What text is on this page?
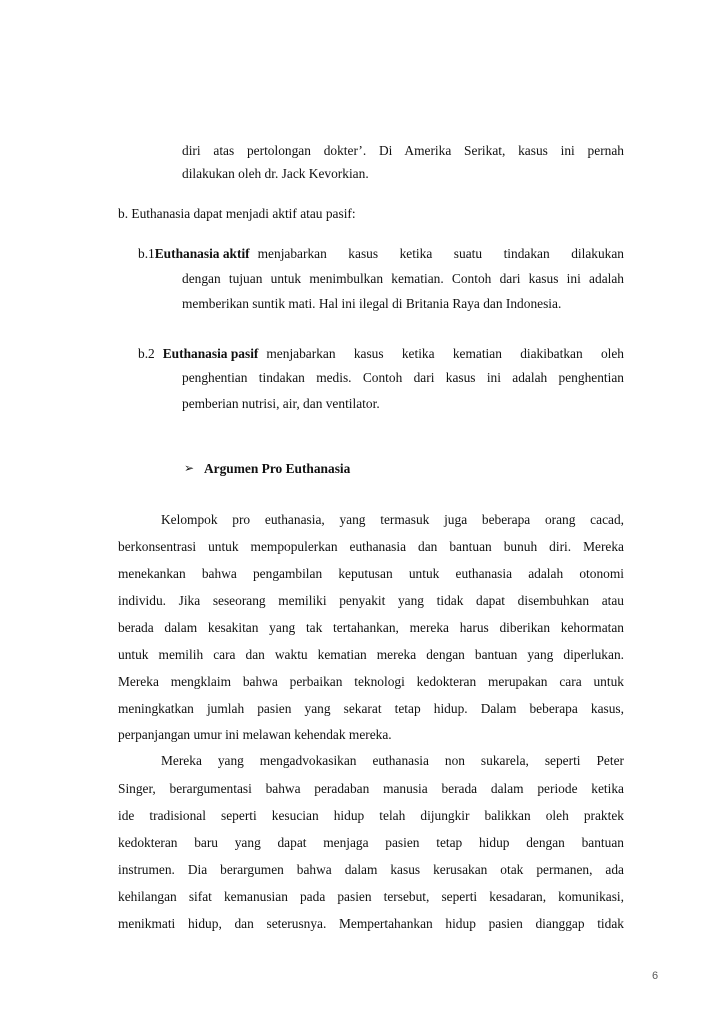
diri atas pertolongan dokter’. Di Amerika Serikat, kasus ini pernah
dilakukan oleh dr. Jack Kevorkian.
b. Euthanasia dapat menjadi aktif atau pasif:
b.1 Euthanasia aktif menjabarkan kasus ketika suatu tindakan dilakukan
dengan tujuan untuk menimbulkan kematian. Contoh dari kasus ini adalah
memberikan suntik mati. Hal ini ilegal di Britania Raya dan Indonesia.
b.2 Euthanasia pasif menjabarkan kasus ketika kematian diakibatkan oleh
penghentian tindakan medis. Contoh dari kasus ini adalah penghentian
pemberian nutrisi, air, dan ventilator.
➢ Argumen Pro Euthanasia
Kelompok pro euthanasia, yang termasuk juga beberapa orang cacad,
berkonsentrasi untuk mempopulerkan euthanasia dan bantuan bunuh diri. Mereka
menekankan bahwa pengambilan keputusan untuk euthanasia adalah otonomi
individu. Jika seseorang memiliki penyakit yang tidak dapat disembuhkan atau
berada dalam kesakitan yang tak tertahankan, mereka harus diberikan kehormatan
untuk memilih cara dan waktu kematian mereka dengan bantuan yang diperlukan.
Mereka mengklaim bahwa perbaikan teknologi kedokteran merupakan cara untuk
meningkatkan jumlah pasien yang sekarat tetap hidup. Dalam beberapa kasus,
perpanjangan umur ini melawan kehendak mereka.
Mereka yang mengadvokasikan euthanasia non sukarela, seperti Peter
Singer, berargumentasi bahwa peradaban manusia berada dalam periode ketika
ide tradisional seperti kesucian hidup telah dijungkir balikkan oleh praktek
kedokteran baru yang dapat menjaga pasien tetap hidup dengan bantuan
instrumen. Dia berargumen bahwa dalam kasus kerusakan otak permanen, ada
kehilangan sifat kemanusian pada pasien tersebut, seperti kesadaran, komunikasi,
menikmati hidup, dan seterusnya. Mempertahankan hidup pasien dianggap tidak
6
